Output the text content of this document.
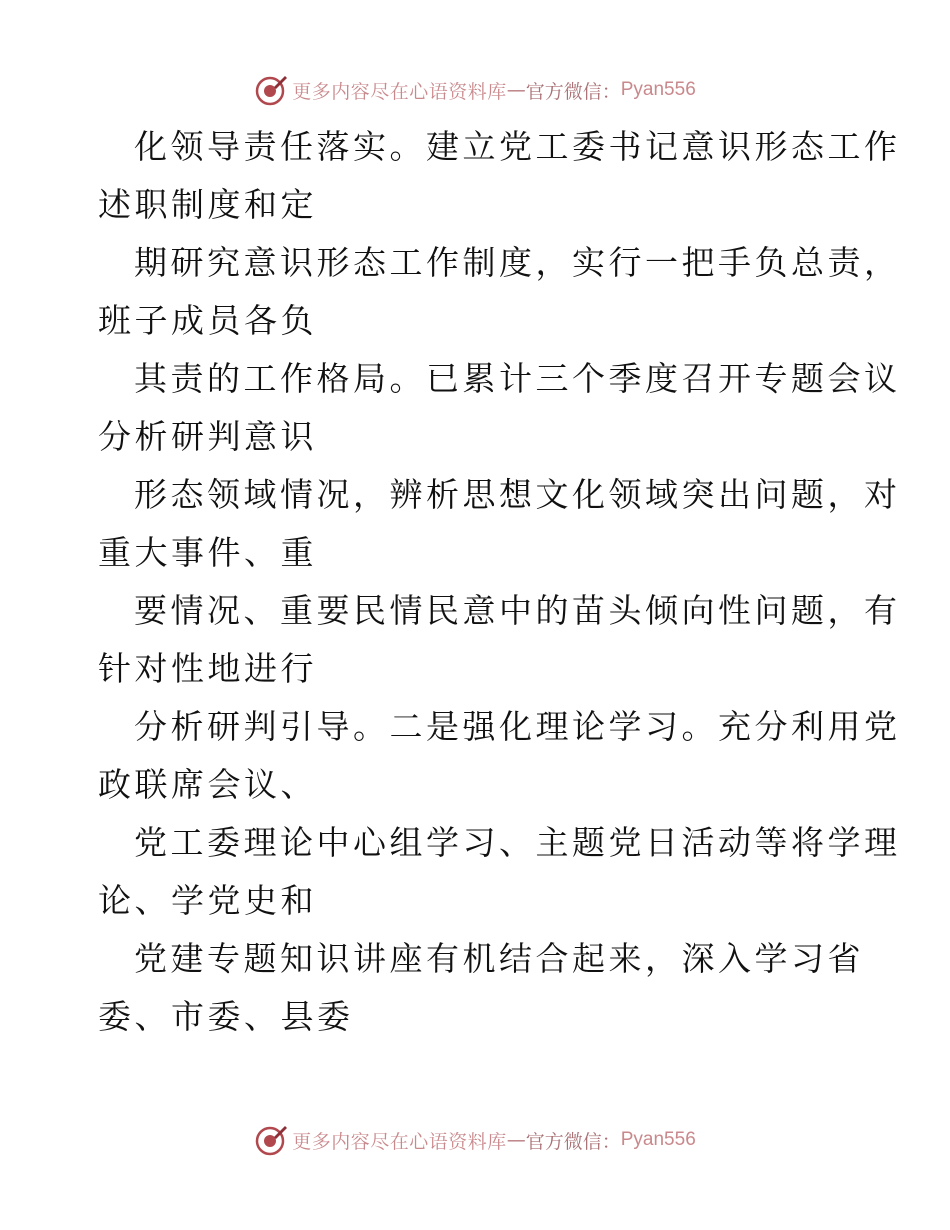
更多内容尽在心语资料库 — 官方微信： Pyan556

化领导责任落实。建立党工委书记意识形态工作
述职制度和定

期研究意识形态工作制度，实行一把手负总责，
班子成员各负

其责的工作格局。已累计三个季度召开专题会议
分析研判意识

形态领域情况，辨析思想文化领域突出问题，对
重大事件、重

要情况、重要民情民意中的苗头倾向性问题，有
针对性地进行

分析研判引导。二是强化理论学习。充分利用党
政联席会议、

党工委理论中心组学习、主题党日活动等将学理
论、学党史和

党建专题知识讲座有机结合起来，深入学习省
委、市委、县委

更多内容尽在心语资料库 — 官方微信： Pyan556
